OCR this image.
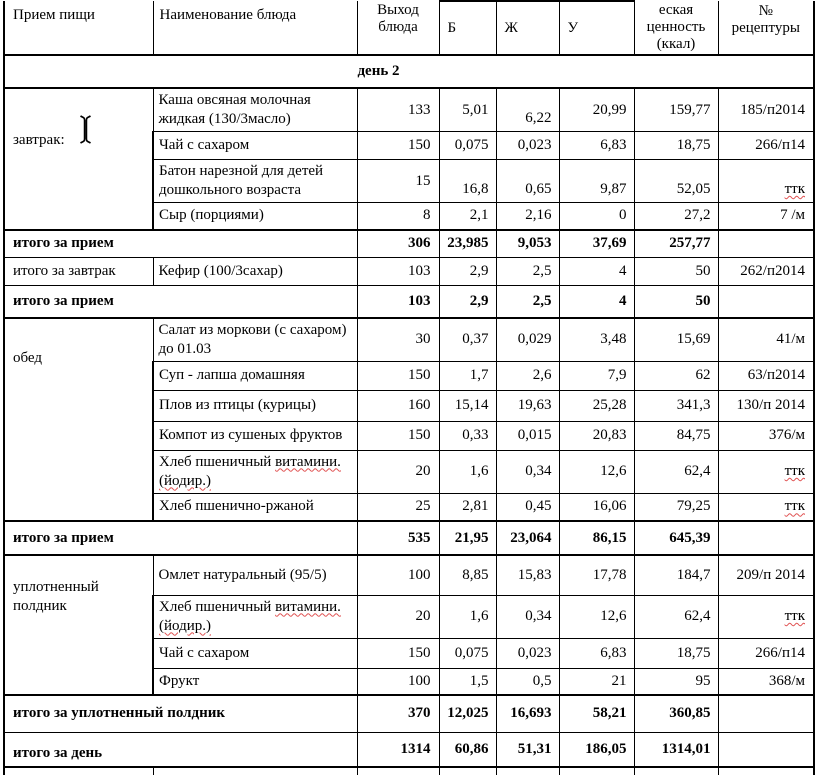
Прием пищи	Наименование блюда	Выход блюда	Б	Ж	У	еская ценность (ккал)	№ рецептуры
день 2							
завтрак:	Каша овсяная молочная жидкая (130/3масло)	133	5,01	6,22	20,99	159,77	185/п2014
	Чай с сахаром	150	0,075	0,023	6,83	18,75	266/п14
	Батон нарезной для детей дошкольного возраста	15	16,8	0,65	9,87	52,05	ттк
	Сыр (порциями)	8	2,1	2,16	0	27,2	7 /м
итого за прием		306	23,985	9,053	37,69	257,77	
итого за завтрак	Кефир (100/3сахар)	103	2,9	2,5	4	50	262/п2014
итого за прием		103	2,9	2,5	4	50	
обед	Салат из моркови (с сахаром) до 01.03	30	0,37	0,029	3,48	15,69	41/м
	Суп - лапша домашняя	150	1,7	2,6	7,9	62	63/п2014
	Плов из птицы (курицы)	160	15,14	19,63	25,28	341,3	130/п 2014
	Компот из сушеных фруктов	150	0,33	0,015	20,83	84,75	376/м
	Хлеб пшеничный витамини. (йодир.)	20	1,6	0,34	12,6	62,4	ттк
	Хлеб пшенично-ржаной	25	2,81	0,45	16,06	79,25	ттк
итого за прием		535	21,95	23,064	86,15	645,39	
уплотненный полдник	Омлет натуральный (95/5)	100	8,85	15,83	17,78	184,7	209/п 2014
	Хлеб пшеничный витамини. (йодир.)	20	1,6	0,34	12,6	62,4	ттк
	Чай с сахаром	150	0,075	0,023	6,83	18,75	266/п14
	Фрукт	100	1,5	0,5	21	95	368/м
итого за уплотненный полдник		370	12,025	16,693	58,21	360,85	
итого за день		1314	60,86	51,31	186,05	1314,01	
